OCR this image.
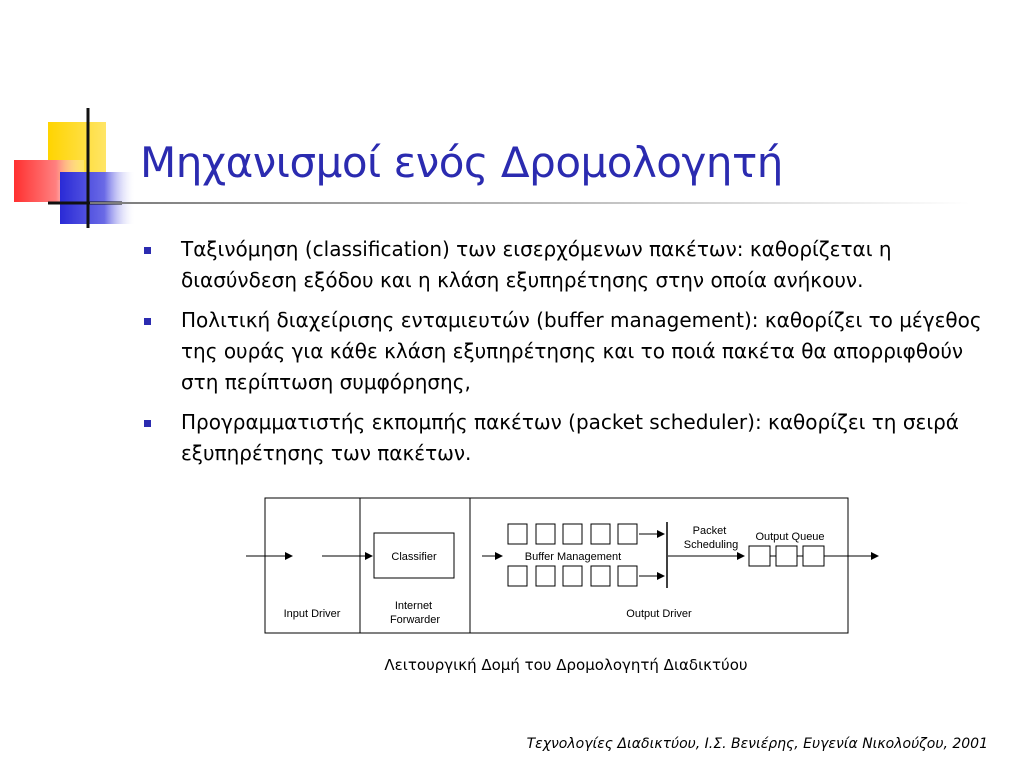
Μηχανισμοί ενός Δρομολογητή
Ταξινόμηση (classification) των εισερχόμενων πακέτων: καθορίζεται η διασύνδεση εξόδου και η κλάση εξυπηρέτησης στην οποία ανήκουν.
Πολιτική διαχείρισης ενταμιευτών (buffer management): καθορίζει το μέγεθος της ουράς για κάθε κλάση εξυπηρέτησης και το ποιά πακέτα θα απορριφθούν στη περίπτωση συμφόρησης,
Προγραμματιστής εκπομπής πακέτων (packet scheduler): καθορίζει τη σειρά εξυπηρέτησης των πακέτων.
Classifier	Buffer Management
Packet Scheduling
Output Queue
Input Driver
Internet Forwarder	Output Driver
Λειτουργική Δομή του Δρομολογητή Διαδικτύου
Τεχνολογίες Διαδικτύου, Ι.Σ. Βενιέρης, Ευγενία Νικολούζου, 2001
